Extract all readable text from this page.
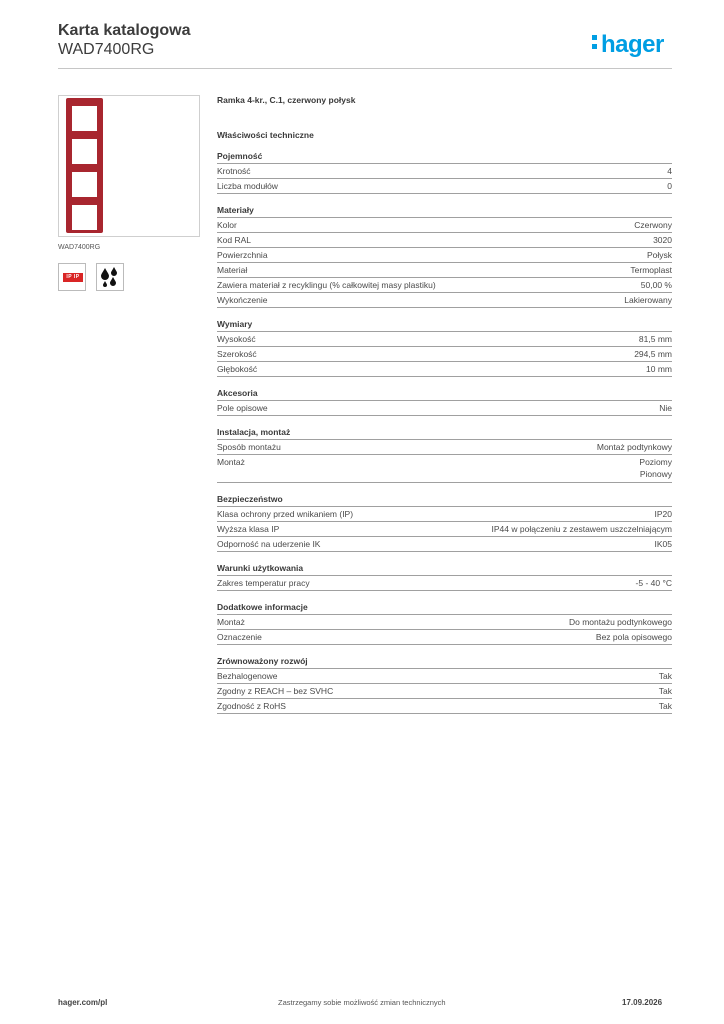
Karta katalogowa
WAD7400RG	hager
WAD7400RG
IP IP
Ramka 4-kr., C.1, czerwony połysk
Właściwości techniczne
Pojemność
Krotność	4
Liczba modułów	0
Materiały
Kolor	Czerwony
Kod RAL	3020
Powierzchnia	Połysk
Materiał	Termoplast
Zawiera materiał z recyklingu (% całkowitej masy plastiku)	50,00 %
Wykończenie	Lakierowany
Wymiary
Wysokość	81,5 mm
Szerokość	294,5 mm
Głębokość	10 mm
Akcesoria
Pole opisowe	Nie
Instalacja, montaż
Sposób montażu	Montaż podtynkowy
Montaż	Poziomy
Pionowy
Bezpieczeństwo
Klasa ochrony przed wnikaniem (IP)	IP20
Wyższa klasa IP	IP44 w połączeniu z zestawem uszczelniającym
Odporność na uderzenie IK	IK05
Warunki użytkowania
Zakres temperatur pracy	-5 - 40 °C
Dodatkowe informacje
Montaż	Do montażu podtynkowego
Oznaczenie	Bez pola opisowego
Zrównoważony rozwój
Bezhalogenowe	Tak
Zgodny z REACH – bez SVHC	Tak
Zgodność z RoHS	Tak
hager.com/pl	Zastrzegamy sobie możliwość zmian technicznych	17.09.2026
